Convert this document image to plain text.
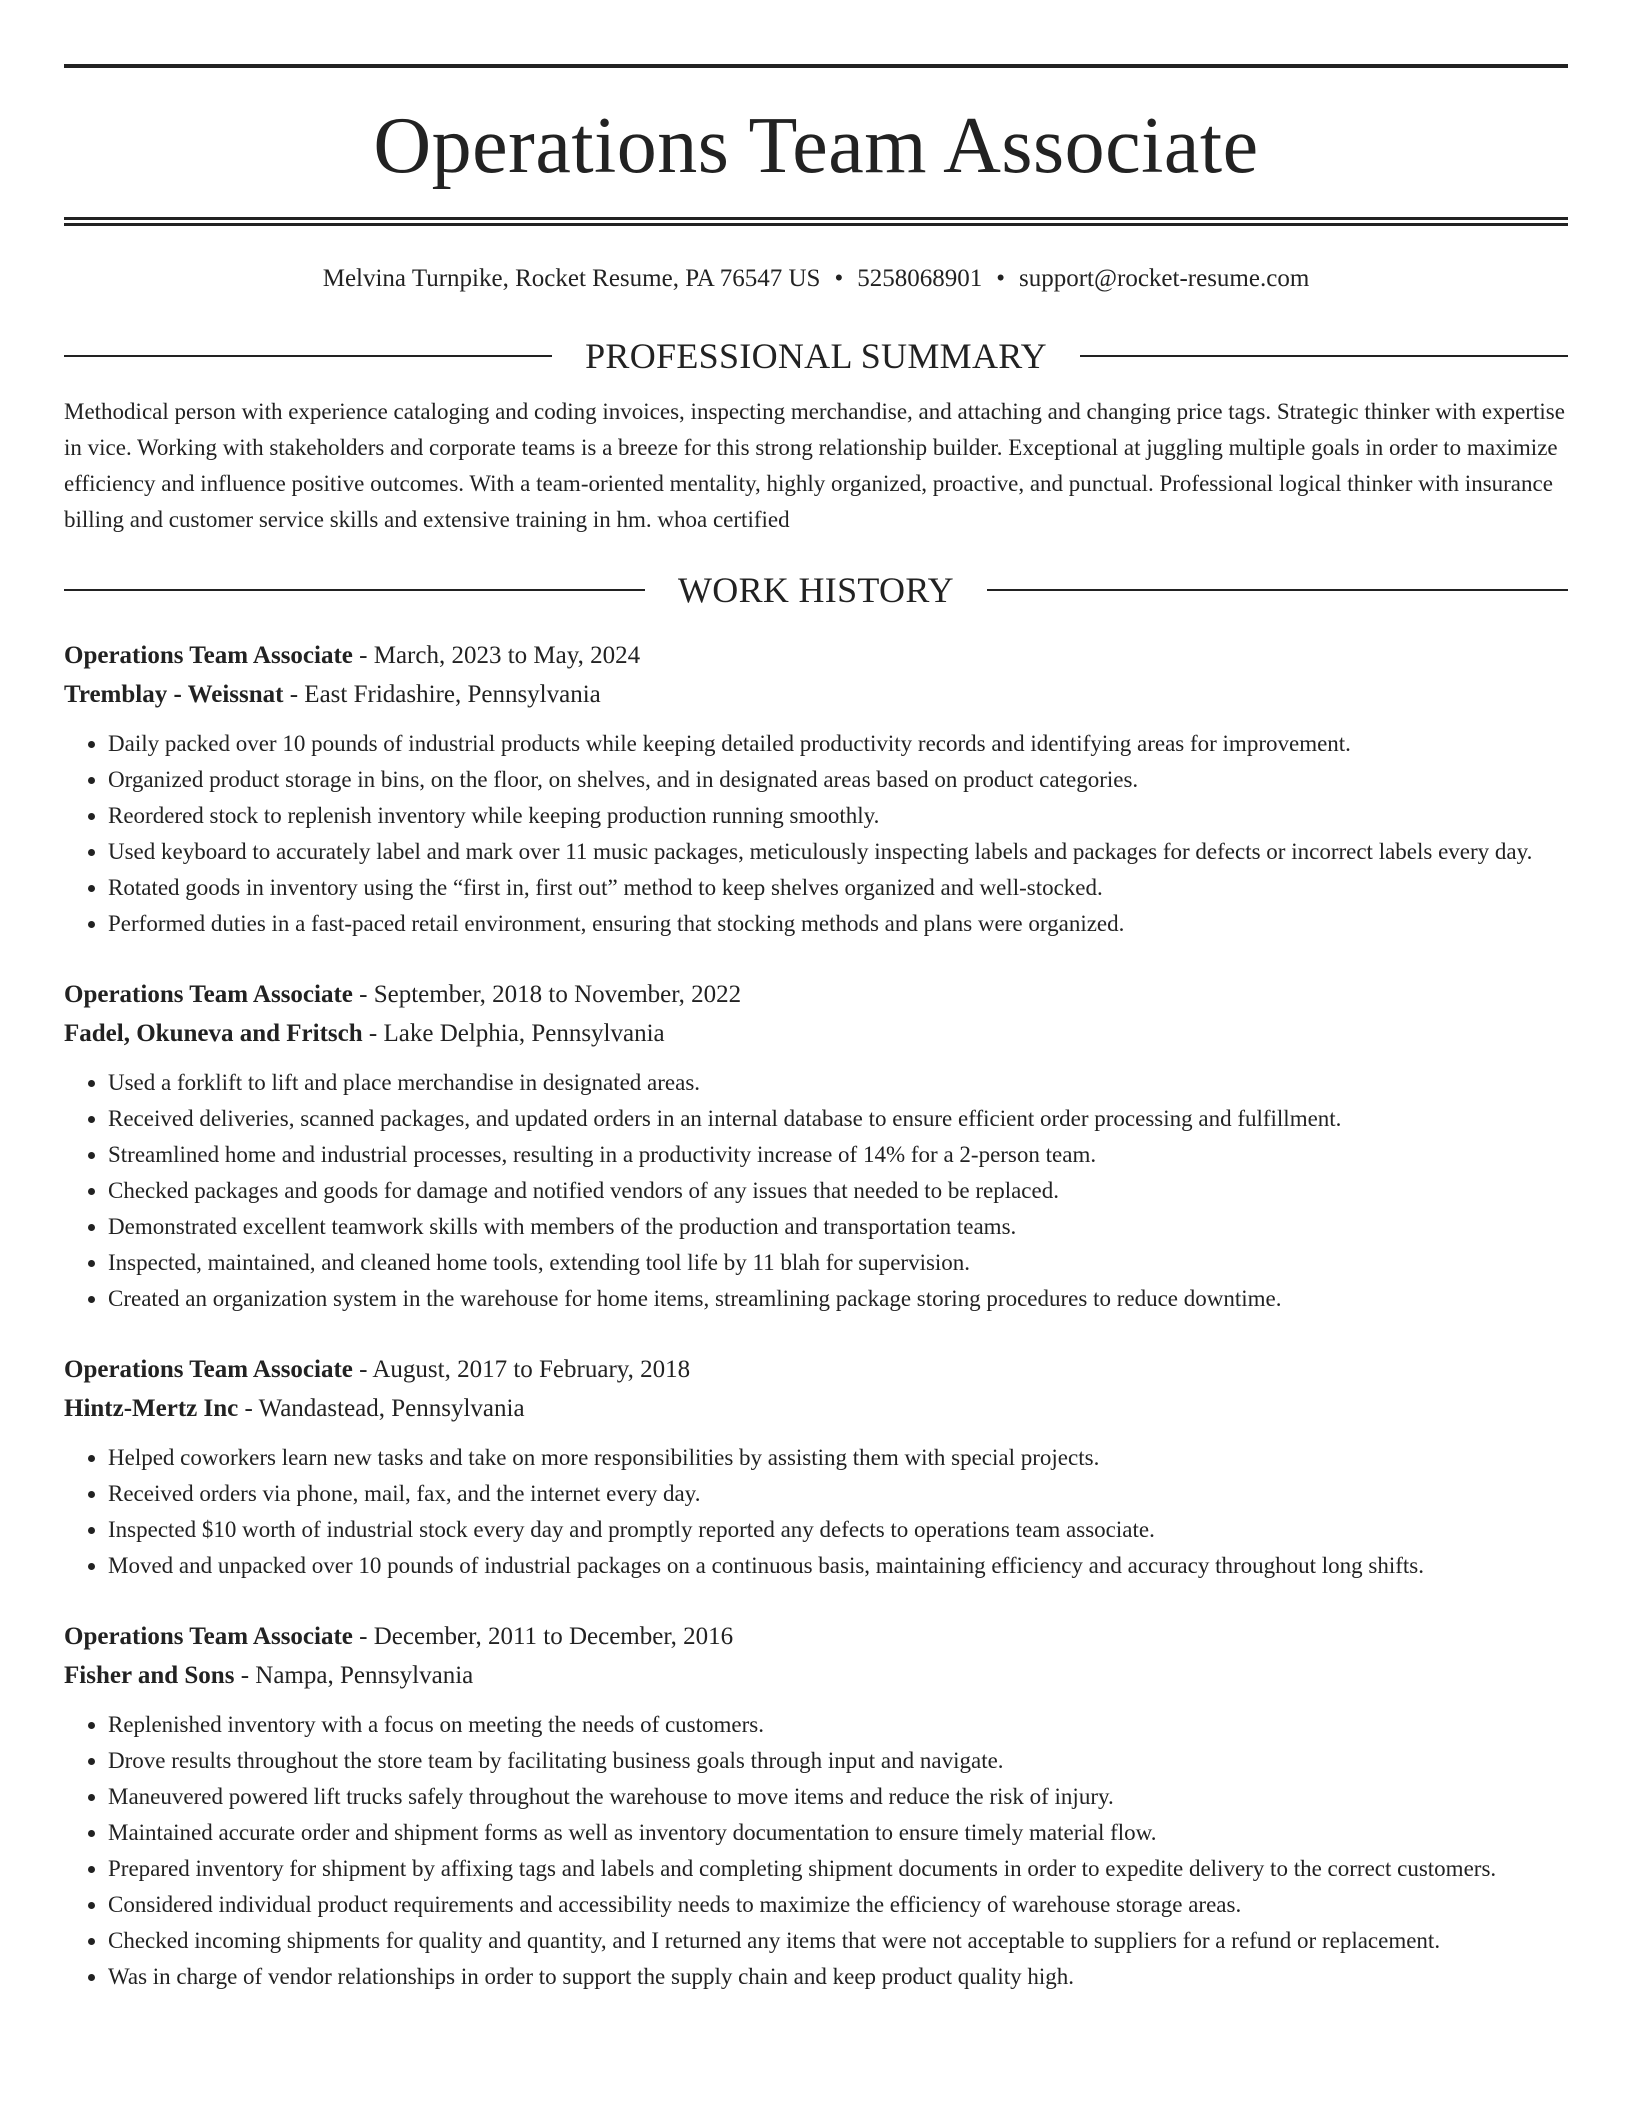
Operations Team Associate
Melvina Turnpike, Rocket Resume, PA 76547 US • 5258068901 • support@rocket-resume.com
PROFESSIONAL SUMMARY
Methodical person with experience cataloging and coding invoices, inspecting merchandise, and attaching and changing price tags. Strategic thinker with expertise in vice. Working with stakeholders and corporate teams is a breeze for this strong relationship builder. Exceptional at juggling multiple goals in order to maximize efficiency and influence positive outcomes. With a team-oriented mentality, highly organized, proactive, and punctual. Professional logical thinker with insurance billing and customer service skills and extensive training in hm. whoa certified
WORK HISTORY
Operations Team Associate - March, 2023 to May, 2024
Tremblay - Weissnat - East Fridashire, Pennsylvania
• Daily packed over 10 pounds of industrial products while keeping detailed productivity records and identifying areas for improvement.
• Organized product storage in bins, on the floor, on shelves, and in designated areas based on product categories.
• Reordered stock to replenish inventory while keeping production running smoothly.
• Used keyboard to accurately label and mark over 11 music packages, meticulously inspecting labels and packages for defects or incorrect labels every day.
• Rotated goods in inventory using the “first in, first out” method to keep shelves organized and well-stocked.
• Performed duties in a fast-paced retail environment, ensuring that stocking methods and plans were organized.
Operations Team Associate - September, 2018 to November, 2022
Fadel, Okuneva and Fritsch - Lake Delphia, Pennsylvania
• Used a forklift to lift and place merchandise in designated areas.
• Received deliveries, scanned packages, and updated orders in an internal database to ensure efficient order processing and fulfillment.
• Streamlined home and industrial processes, resulting in a productivity increase of 14% for a 2-person team.
• Checked packages and goods for damage and notified vendors of any issues that needed to be replaced.
• Demonstrated excellent teamwork skills with members of the production and transportation teams.
• Inspected, maintained, and cleaned home tools, extending tool life by 11 blah for supervision.
• Created an organization system in the warehouse for home items, streamlining package storing procedures to reduce downtime.
Operations Team Associate - August, 2017 to February, 2018
Hintz-Mertz Inc - Wandastead, Pennsylvania
• Helped coworkers learn new tasks and take on more responsibilities by assisting them with special projects.
• Received orders via phone, mail, fax, and the internet every day.
• Inspected $10 worth of industrial stock every day and promptly reported any defects to operations team associate.
• Moved and unpacked over 10 pounds of industrial packages on a continuous basis, maintaining efficiency and accuracy throughout long shifts.
Operations Team Associate - December, 2011 to December, 2016
Fisher and Sons - Nampa, Pennsylvania
• Replenished inventory with a focus on meeting the needs of customers.
• Drove results throughout the store team by facilitating business goals through input and navigate.
• Maneuvered powered lift trucks safely throughout the warehouse to move items and reduce the risk of injury.
• Maintained accurate order and shipment forms as well as inventory documentation to ensure timely material flow.
• Prepared inventory for shipment by affixing tags and labels and completing shipment documents in order to expedite delivery to the correct customers.
• Considered individual product requirements and accessibility needs to maximize the efficiency of warehouse storage areas.
• Checked incoming shipments for quality and quantity, and I returned any items that were not acceptable to suppliers for a refund or replacement.
• Was in charge of vendor relationships in order to support the supply chain and keep product quality high.
